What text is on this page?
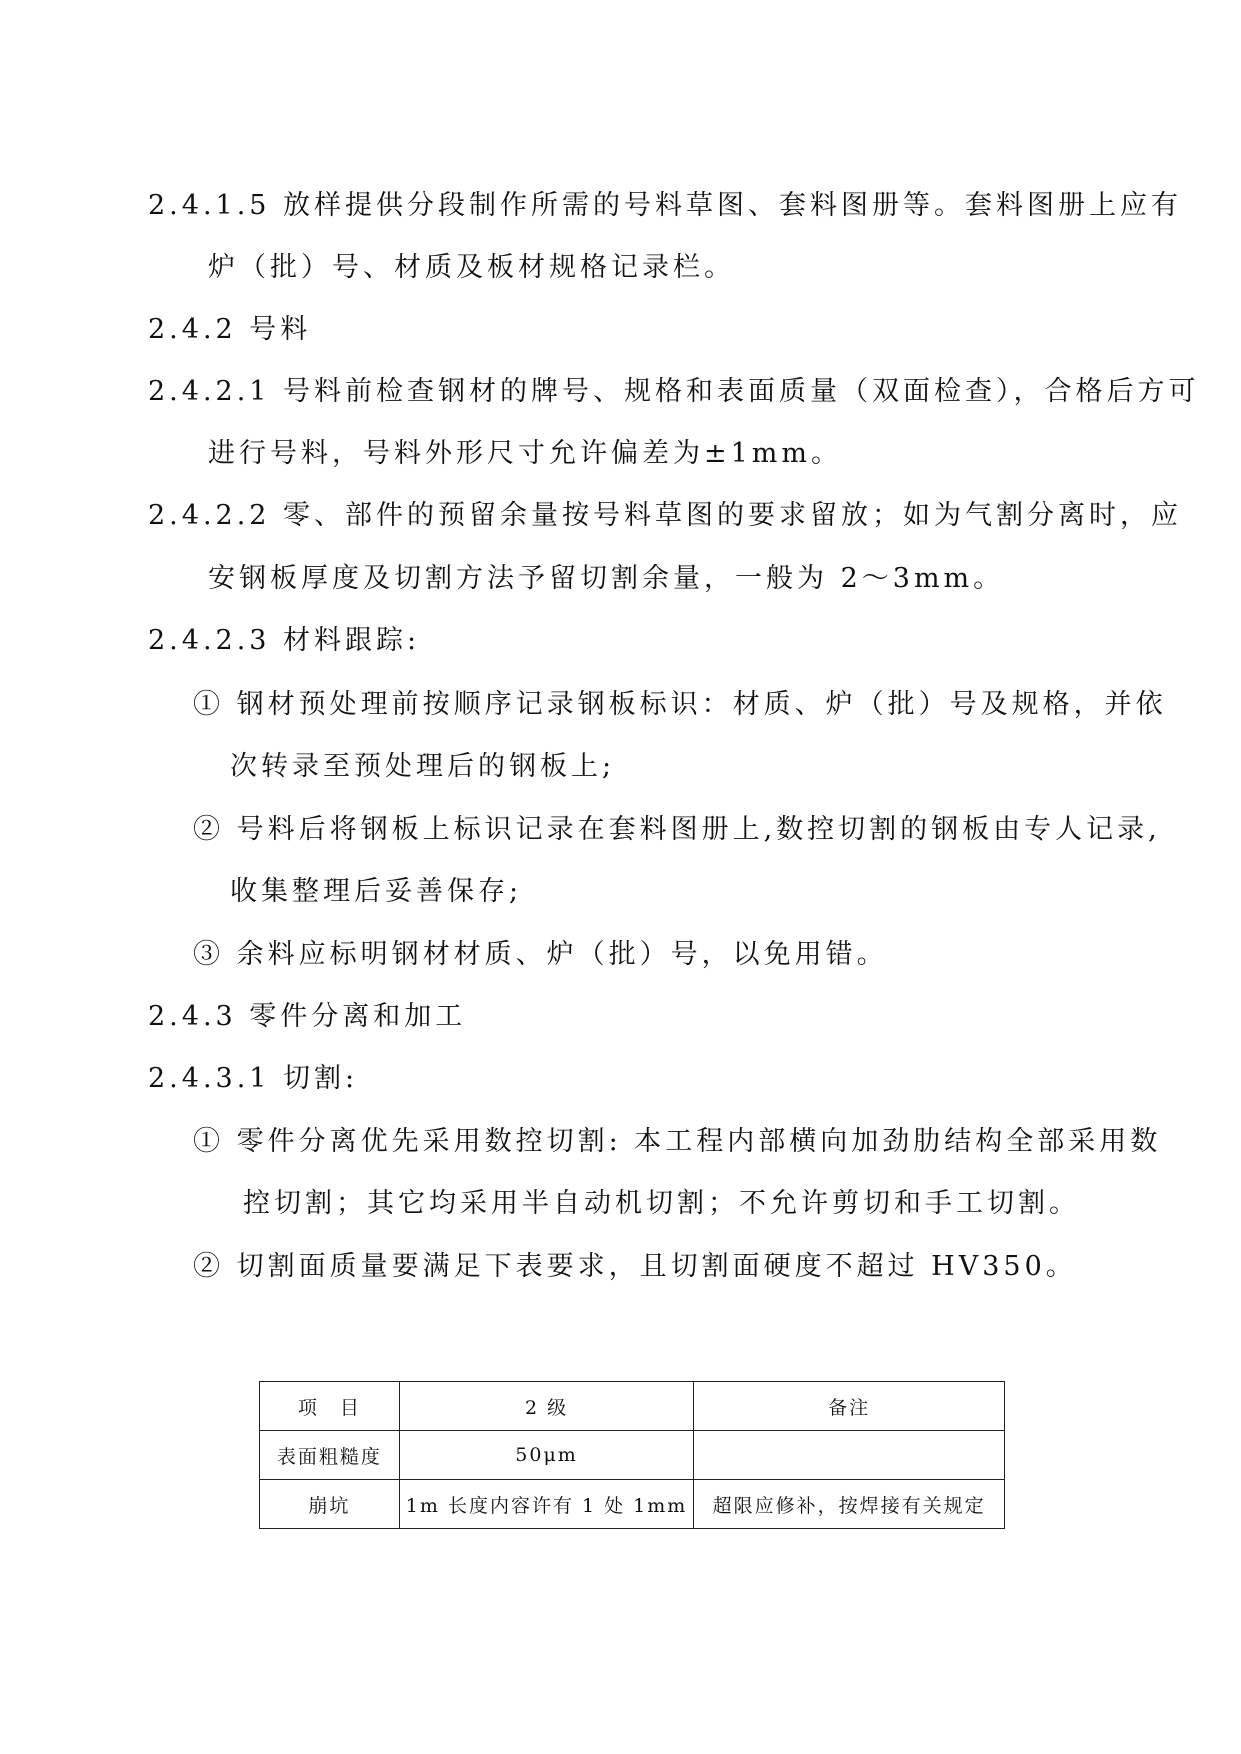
2.4.1.5 放样提供分段制作所需的号料草图、套料图册等。套料图册上应有
炉（批）号、材质及板材规格记录栏。
2.4.2 号料
2.4.2.1 号料前检查钢材的牌号、规格和表面质量（双面检查），合格后方可
进行号料，号料外形尺寸允许偏差为±1mm。
2.4.2.2 零、部件的预留余量按号料草图的要求留放；如为气割分离时，应
安钢板厚度及切割方法予留切割余量，一般为 2～3mm。
2.4.2.3 材料跟踪:
① 钢材预处理前按顺序记录钢板标识：材质、炉（批）号及规格，并依
次转录至预处理后的钢板上;
② 号料后将钢板上标识记录在套料图册上,数控切割的钢板由专人记录,
收集整理后妥善保存;
③ 余料应标明钢材材质、炉（批）号，以免用错。
2.4.3 零件分离和加工
2.4.3.1 切割:
① 零件分离优先采用数控切割: 本工程内部横向加劲肋结构全部采用数
控切割；其它均采用半自动机切割；不允许剪切和手工切割。
② 切割面质量要满足下表要求，且切割面硬度不超过 HV350。
项　目	2 级	备注
表面粗糙度	50μm	
崩坑	1m 长度内容许有 1 处 1mm	超限应修补，按焊接有关规定
